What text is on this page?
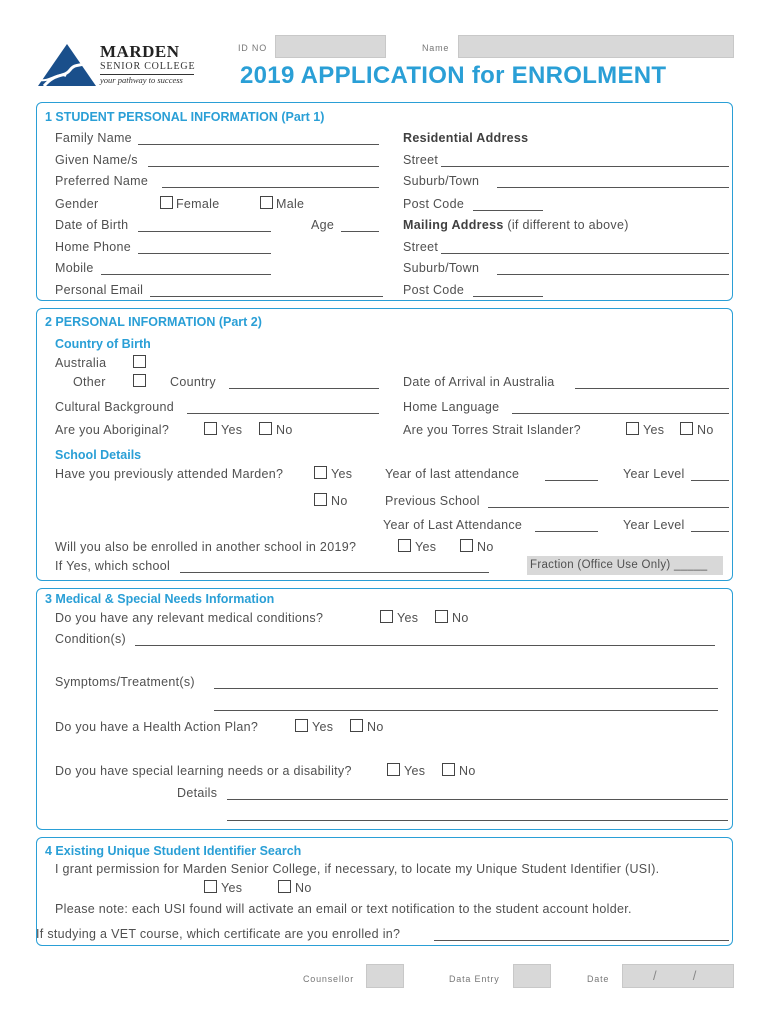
MARDEN
SENIOR COLLEGE
your pathway to success
ID NO	Name
2019 APPLICATION for ENROLMENT
1 STUDENT PERSONAL INFORMATION (Part 1)
Family Name
Given Name/s
Preferred Name
Gender	Female	Male
Date of Birth	Age
Home Phone
Mobile
Personal Email
Residential Address
Street
Suburb/Town
Post Code
Mailing Address (if different to above)
Street
Suburb/Town
Post Code
2 PERSONAL INFORMATION (Part 2)
Country of Birth
Australia
Other	Country	Date of Arrival in Australia
Cultural Background	Home Language
Are you Aboriginal?	Yes	No	Are you Torres Strait Islander?	Yes	No
School Details
Have you previously attended Marden?	Yes	Year of last attendance	Year Level
No	Previous School
Year of Last Attendance	Year Level
Will you also be enrolled in another school in 2019?	Yes	No
If Yes, which school	Fraction (Office Use Only) _____
3 Medical & Special Needs Information
Do you have any relevant medical conditions?	Yes	No
Condition(s)
Symptoms/Treatment(s)
Do you have a Health Action Plan?	Yes	No
Do you have special learning needs or a disability?	Yes	No
Details
4 Existing Unique Student Identifier Search
I grant permission for Marden Senior College, if necessary, to locate my Unique Student Identifier (USI).
Yes	No
Please note: each USI found will activate an email or text notification to the student account holder.
If studying a VET course, which certificate are you enrolled in?
Counsellor	Data Entry	Date	/          /
